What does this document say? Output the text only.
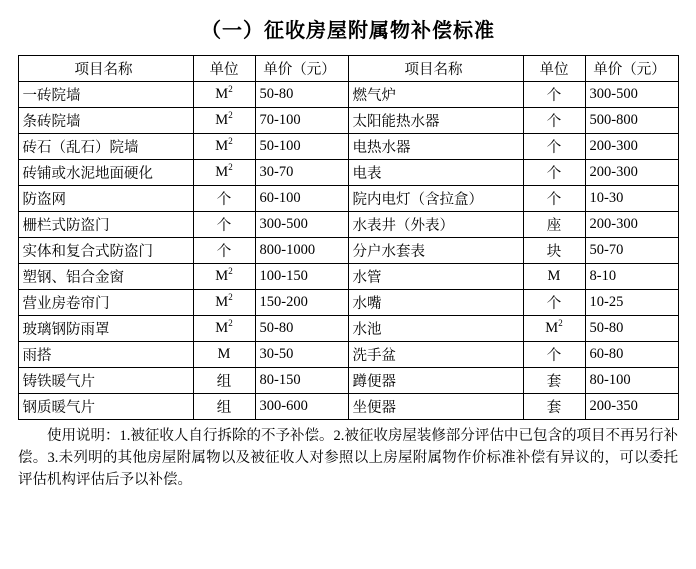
（一）征收房屋附属物补偿标准
项目名称	单位	单价（元）	项目名称	单位	单价（元）
一砖院墙	$M^2$	50-80	燃气炉	个	300-500
条砖院墙	$M^2$	70-100	太阳能热水器	个	500-800
砖石（乱石）院墙	$M^2$	50-100	电热水器	个	200-300
砖铺或水泥地面硬化	$M^2$	30-70	电表	个	200-300
防盗网	个	60-100	院内电灯（含拉盒）	个	10-30
栅栏式防盗门	个	300-500	水表井（外表）	座	200-300
实体和复合式防盗门	个	800-1000	分户水套表	块	50-70
塑钢、铝合金窗	$M^2$	100-150	水管	M	8-10
营业房卷帘门	$M^2$	150-200	水嘴	个	10-25
玻璃钢防雨罩	$M^2$	50-80	水池	$M^2$	50-80
雨搭	M	30-50	洗手盆	个	60-80
铸铁暖气片	组	80-150	蹲便器	套	80-100
钢质暖气片	组	300-600	坐便器	套	200-350

使用说明：1.被征收人自行拆除的不予补偿。2.被征收房屋装修部分评估中已包含的项目不再另行补偿。3.未列明的其他房屋附属物以及被征收人对参照以上房屋附属物作价标准补偿有异议的，可以委托评估机构评估后予以补偿。
